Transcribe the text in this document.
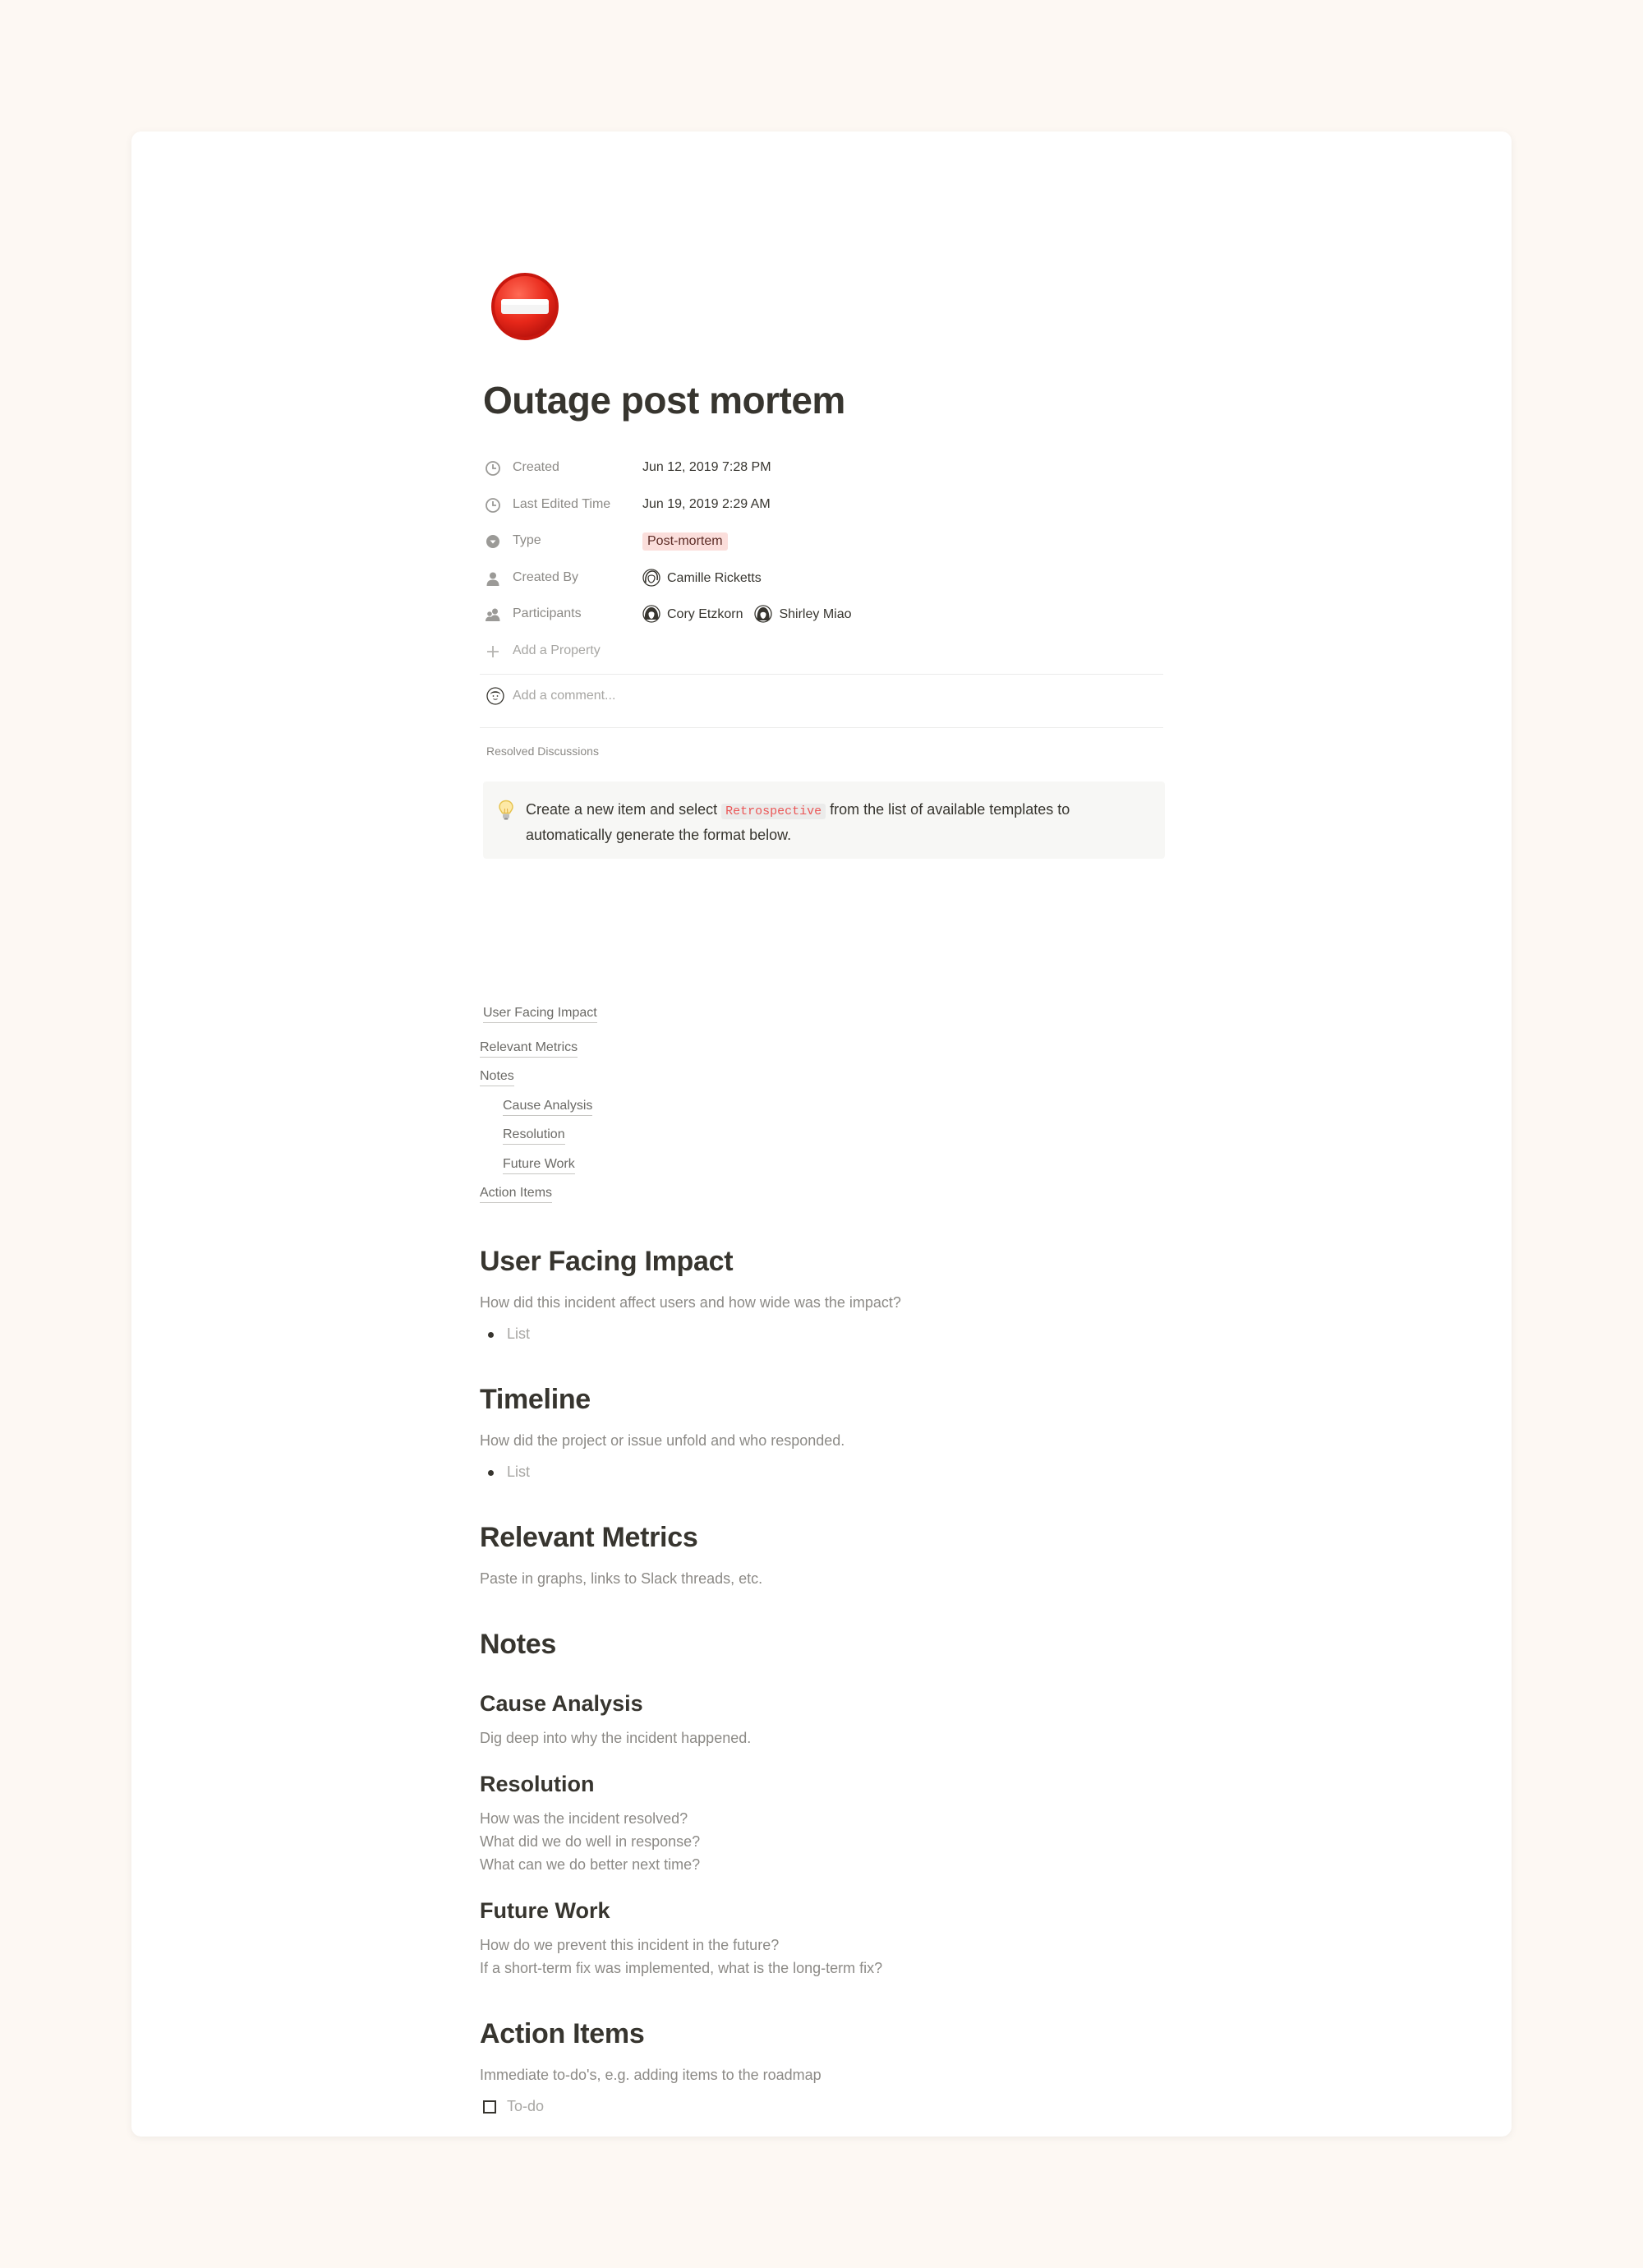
Outage post mortem
Created	Jun 12, 2019 7:28 PM
Last Edited Time Jun 19, 2019 2:29 AM
Type	Post-mortem
Created By	Camille Ricketts
Participants	Cory Etzkorn	Shirley Miao
Add a Property
Add a comment...
Resolved Discussions
Create a new item and select Retrospective from the list of available templates to automatically generate the format below.
User Facing Impact
Relevant Metrics
Notes
Cause Analysis
Resolution
Future Work
Action Items
User Facing Impact

How did this incident affect users and how wide was the impact?

List
Timeline

How did the project or issue unfold and who responded.

List
Relevant Metrics

Paste in graphs, links to Slack threads, etc.

Notes
Cause Analysis

Dig deep into why the incident happened.

Resolution

How was the incident resolved?

What did we do well in response?

What can we do better next time?

Future Work

How do we prevent this incident in the future?

If a short-term fix was implemented, what is the long-term fix?

Action Items

Immediate to-do's, e.g. adding items to the roadmap

To-do
